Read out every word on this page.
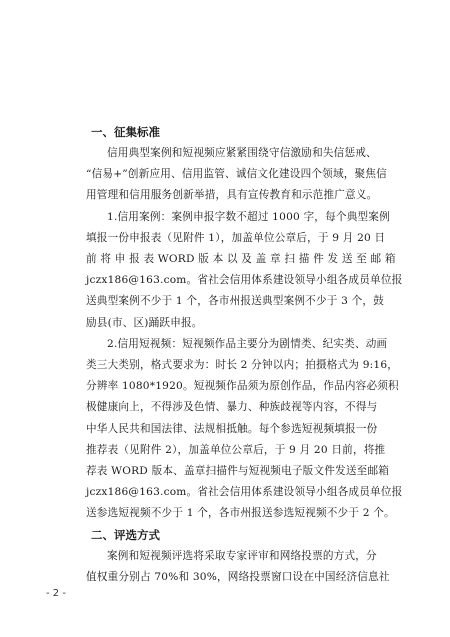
一、征集标准

信用典型案例和短视频应紧紧围绕守信激励和失信惩戒、
“信易+”创新应用、信用监管、诚信文化建设四个领域，聚焦信
用管理和信用服务创新举措，具有宣传教育和示范推广意义。

1.信用案例：案例申报字数不超过 1000 字，每个典型案例
填报一份申报表（见附件 1），加盖单位公章后，于 9 月 20 日
前 将 申 报 表 WORD 版 本 以 及 盖 章 扫 描 件 发 送 至 邮 箱
jczx186@163.com。省社会信用体系建设领导小组各成员单位报
送典型案例不少于 1 个，各市州报送典型案例不少于 3 个，鼓
励县(市、区)踊跃申报。

2.信用短视频：短视频作品主要分为剧情类、纪实类、动画
类三大类别，格式要求为：时长 2 分钟以内；拍摄格式为 9:16，
分辨率 1080*1920。短视频作品须为原创作品，作品内容必须积
极健康向上，不得涉及色情、暴力、种族歧视等内容，不得与
中华人民共和国法律、法规相抵触。每个参选短视频填报一份
推荐表（见附件 2），加盖单位公章后，于 9 月 20 日前，将推
荐表 WORD 版本、盖章扫描件与短视频电子版文件发送至邮箱
jczx186@163.com。省社会信用体系建设领导小组各成员单位报
送参选短视频不少于 1 个，各市州报送参选短视频不少于 2 个。

二、评选方式

案例和短视频评选将采取专家评审和网络投票的方式，分
值权重分别占 70%和 30%，网络投票窗口设在中国经济信息社

- 2 -
